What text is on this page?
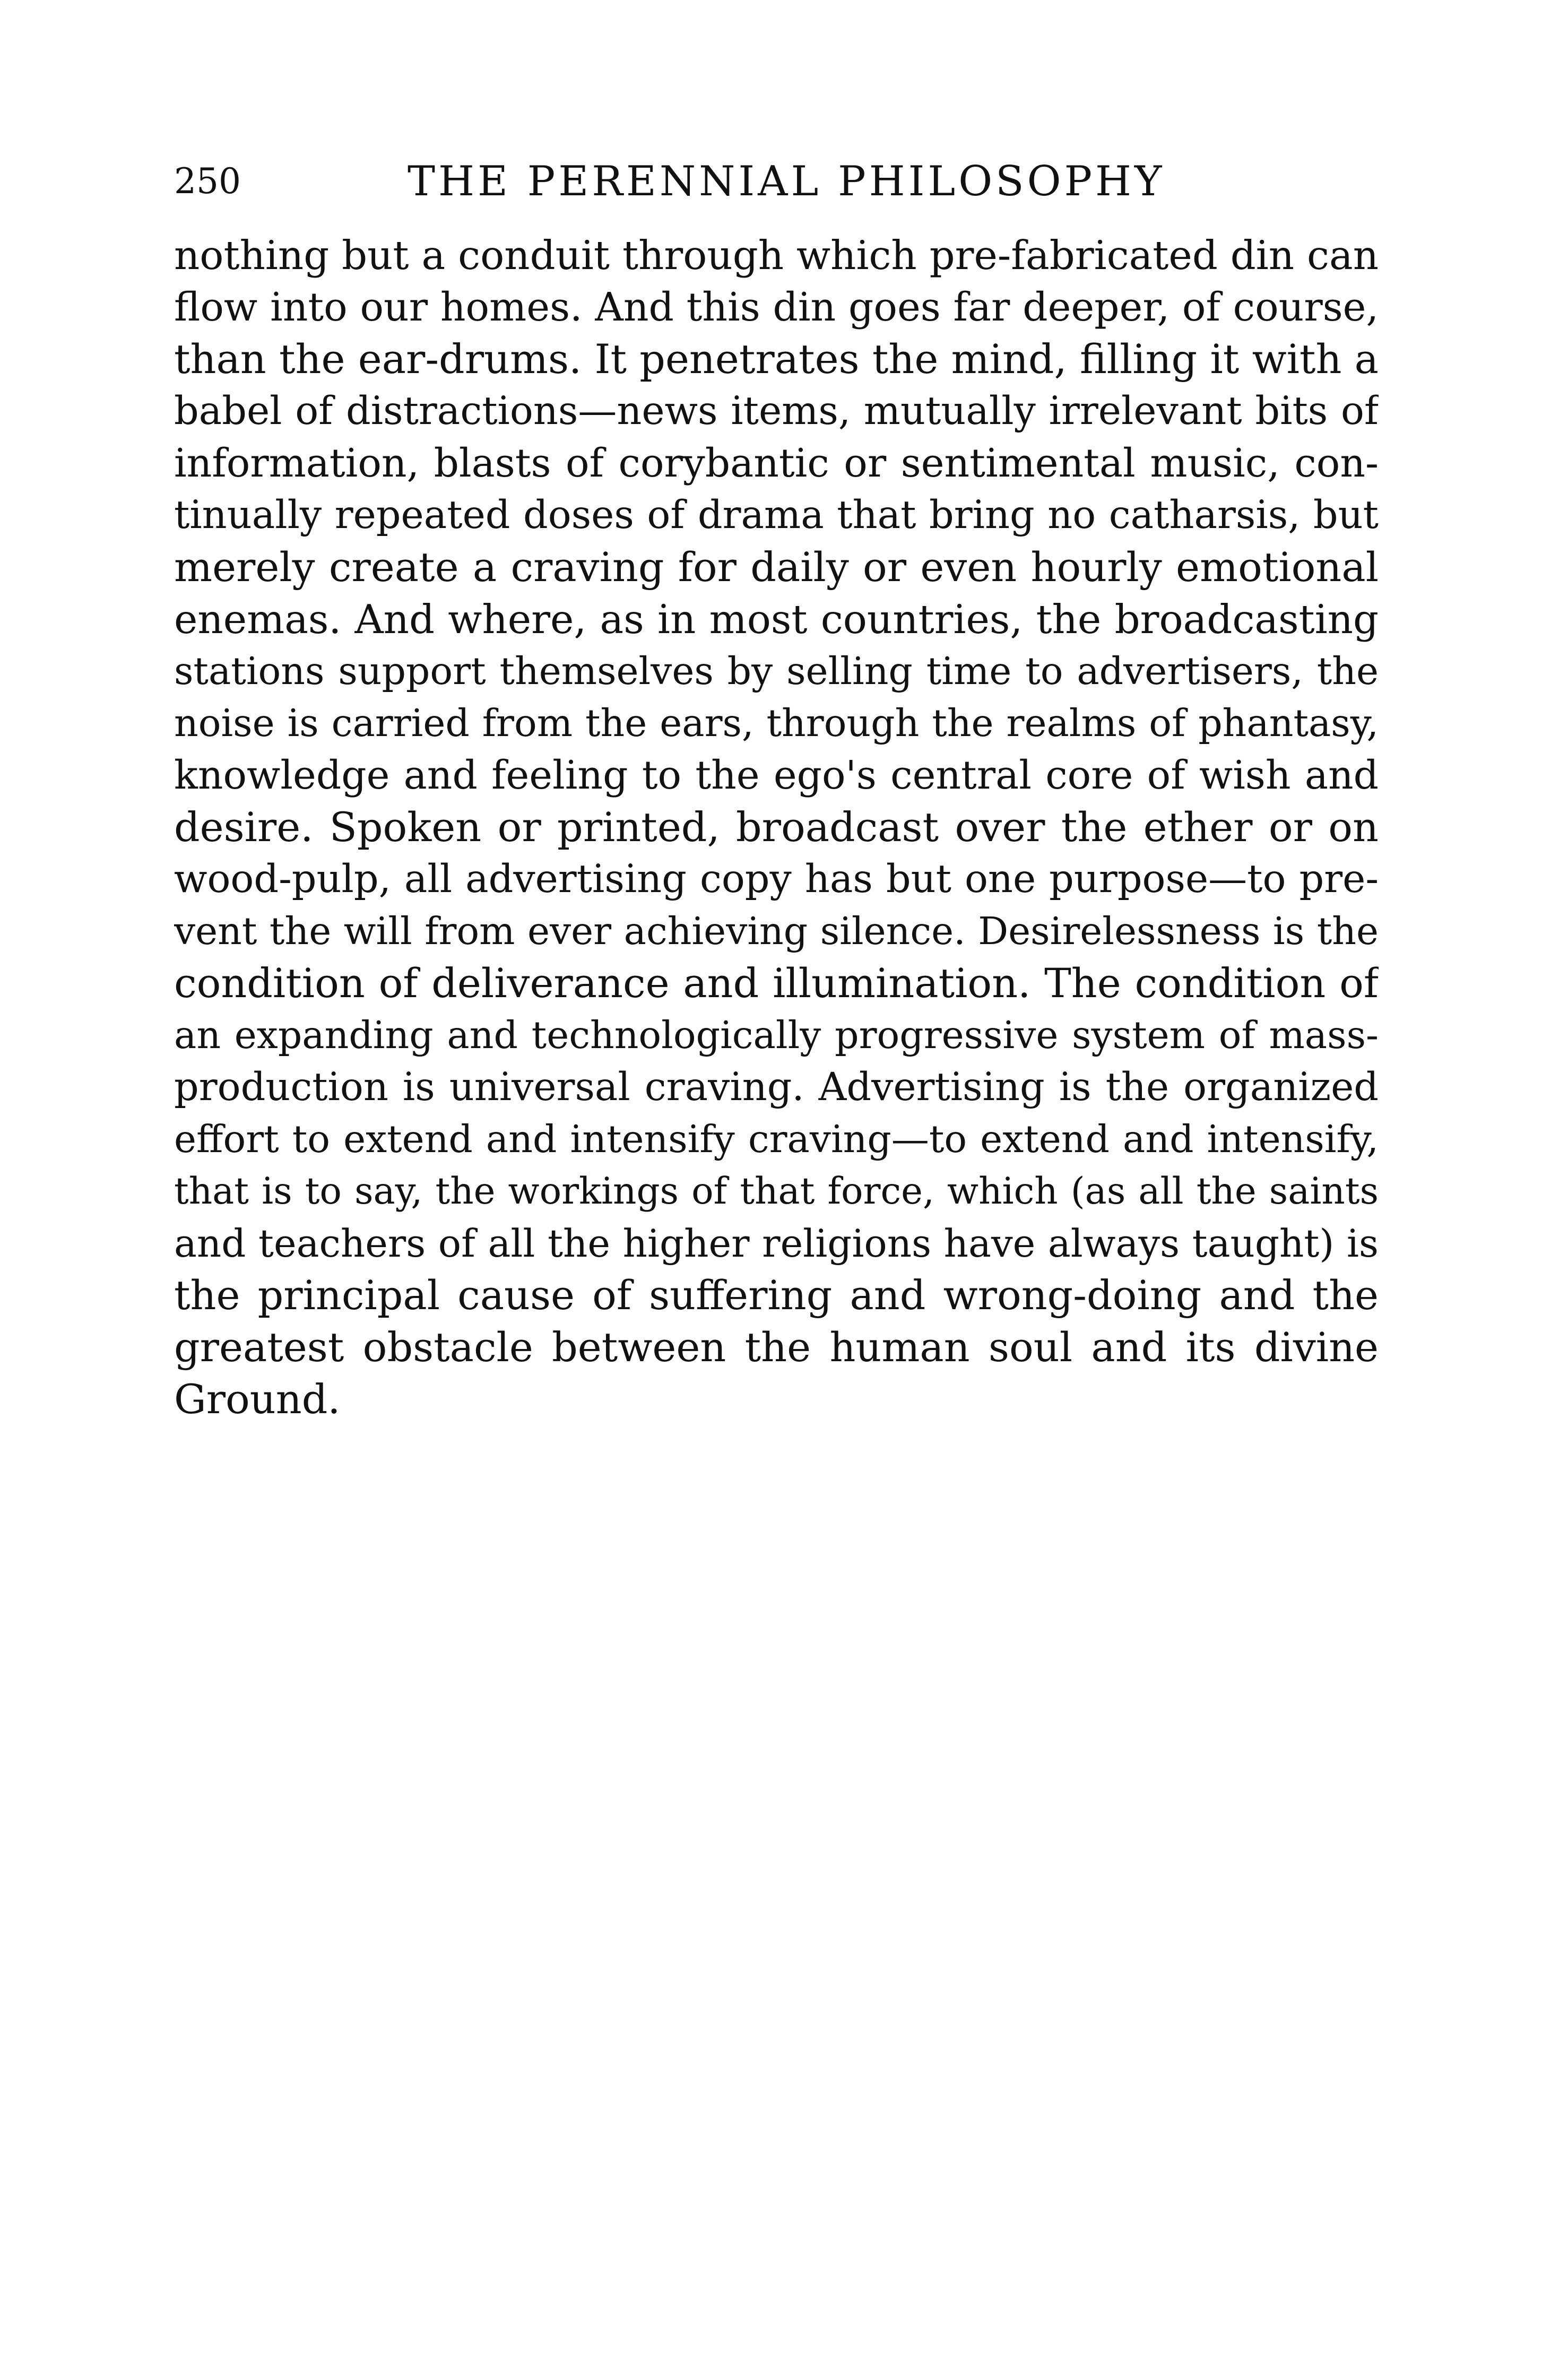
250	THE PERENNIAL PHILOSOPHY
nothing but a conduit through which pre-fabricated din can
flow into our homes. And this din goes far deeper, of course,
than the ear-drums. It penetrates the mind, filling it with a
babel of distractions—news items, mutually irrelevant bits of
information, blasts of corybantic or sentimental music, con-
tinually repeated doses of drama that bring no catharsis, but
merely create a craving for daily or even hourly emotional
enemas. And where, as in most countries, the broadcasting
stations support themselves by selling time to advertisers, the
noise is carried from the ears, through the realms of phantasy,
knowledge and feeling to the ego's central core of wish and
desire. Spoken or printed, broadcast over the ether or on
wood-pulp, all advertising copy has but one purpose—to pre-
vent the will from ever achieving silence. Desirelessness is the
condition of deliverance and illumination. The condition of
an expanding and technologically progressive system of mass-
production is universal craving. Advertising is the organized
effort to extend and intensify craving—to extend and intensify,
that is to say, the workings of that force, which (as all the saints
and teachers of all the higher religions have always taught) is
the principal cause of suffering and wrong-doing and the
greatest obstacle between the human soul and its divine
Ground.
